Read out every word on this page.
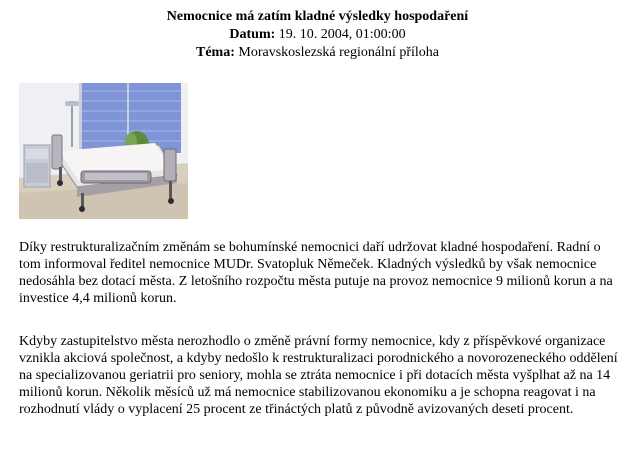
Nemocnice má zatím kladné výsledky hospodaření
Datum: 19. 10. 2004, 01:00:00
Téma: Moravskoslezská regionální příloha

Díky restrukturalizačním změnám se bohumínské nemocnici daří udržovat kladné hospodaření. Radní o tom informoval ředitel nemocnice MUDr. Svatopluk Němeček. Kladných výsledků by však nemocnice nedosáhla bez dotací města. Z letošního rozpočtu města putuje na provoz nemocnice 9 milionů korun a na investice 4,4 milionů korun.

Kdyby zastupitelstvo města nerozhodlo o změně právní formy nemocnice, kdy z příspěvkové organizace vznikla akciová společnost, a kdyby nedošlo k restrukturalizaci porodnického a novorozeneckého oddělení na specializovanou geriatrii pro seniory, mohla se ztráta nemocnice i při dotacích města vyšplhat až na 14 milionů korun. Několik měsíců už má nemocnice stabilizovanou ekonomiku a je schopna reagovat i na rozhodnutí vlády o vyplacení 25 procent ze třináctých platů z původně avizovaných deseti procent.
